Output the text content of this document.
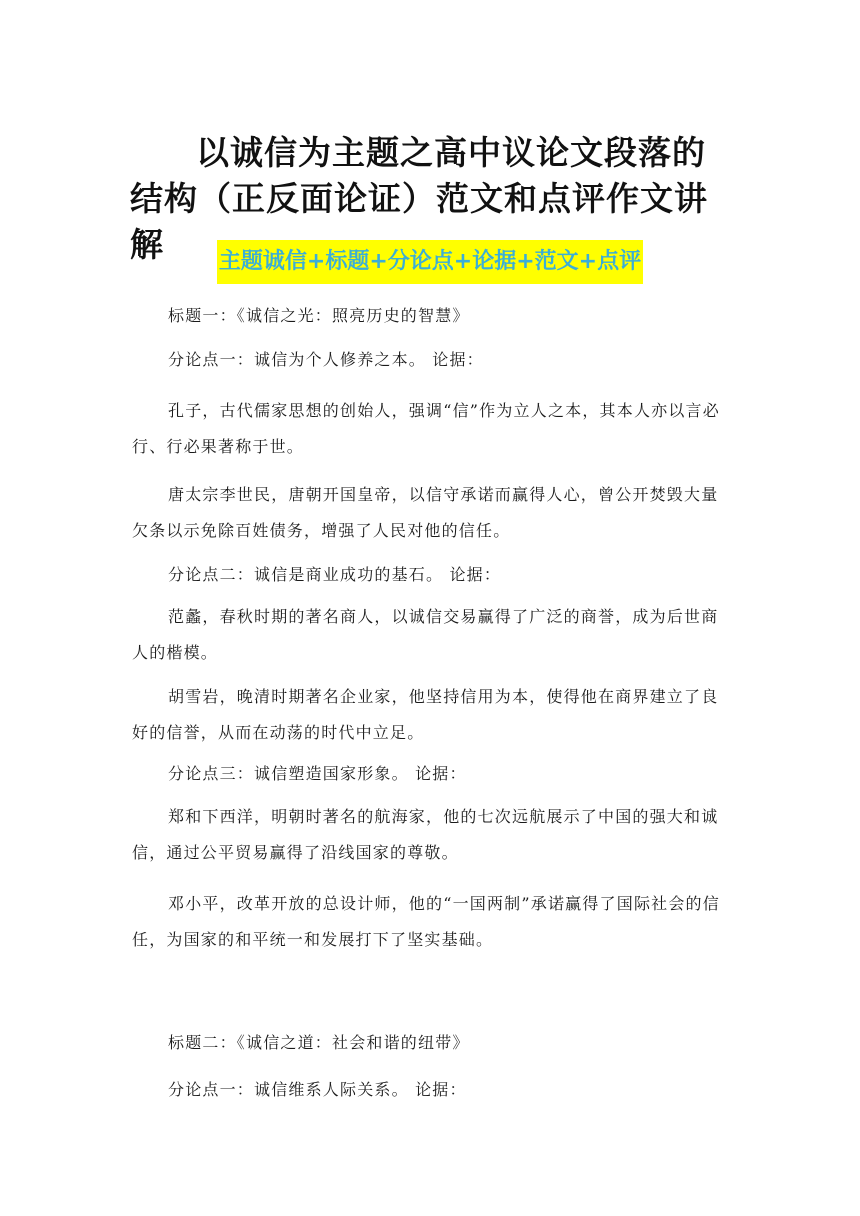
以诚信为主题之高中议论文段落的结构（正反面论证）范文和点评作文讲解	主题诚信+标题+分论点+论据+范文+点评

标题一：《诚信之光：照亮历史的智慧》

分论点一：诚信为个人修养之本。 论据：

孔子，古代儒家思想的创始人，强调“信”作为立人之本，其本人亦以言必行、行必果著称于世。

唐太宗李世民，唐朝开国皇帝，以信守承诺而赢得人心，曾公开焚毁大量欠条以示免除百姓债务，增强了人民对他的信任。

分论点二：诚信是商业成功的基石。 论据：

范蠡，春秋时期的著名商人，以诚信交易赢得了广泛的商誉，成为后世商人的楷模。

胡雪岩，晚清时期著名企业家，他坚持信用为本，使得他在商界建立了良好的信誉，从而在动荡的时代中立足。

分论点三：诚信塑造国家形象。 论据：

郑和下西洋，明朝时著名的航海家，他的七次远航展示了中国的强大和诚信，通过公平贸易赢得了沿线国家的尊敬。

邓小平，改革开放的总设计师，他的“一国两制”承诺赢得了国际社会的信任，为国家的和平统一和发展打下了坚实基础。

标题二：《诚信之道：社会和谐的纽带》

分论点一：诚信维系人际关系。 论据：
